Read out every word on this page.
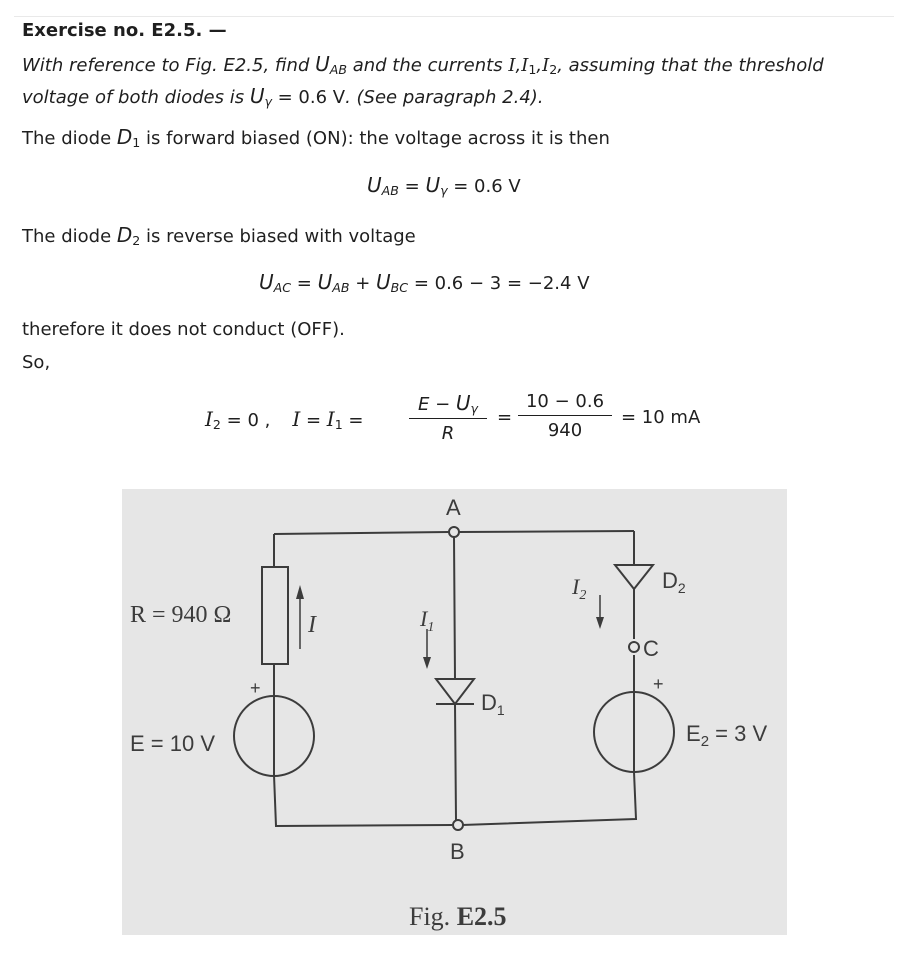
Exercise no. E2.5. —
With reference to Fig. E2.5, find $U_{AB}$ and the currents $I,I_1,I_2$, assuming that the threshold
voltage of both diodes is $U_\gamma = 0.6$ V. (See paragraph 2.4).
The diode $D_1$ is forward biased (ON): the voltage across it is then
$U_{AB} = U_\gamma = 0.6$ V
The diode $D_2$ is reverse biased with voltage
$U_{AC} = U_{AB} + U_{BC} = 0.6 - 3 = -2.4$ V
therefore it does not conduct (OFF).
So,
$I_2 = 0$ , $I = I_1$ =
$E - U_\gamma$
R
=
10 − 0.6
940
= 10 mA
A
B
C
R = 940 Ω
E = 10 V	$E_2 = 3$ V
I	$I_1$
$I_2$
$D_1$
$D_2$
+	+
Fig. E2.5
